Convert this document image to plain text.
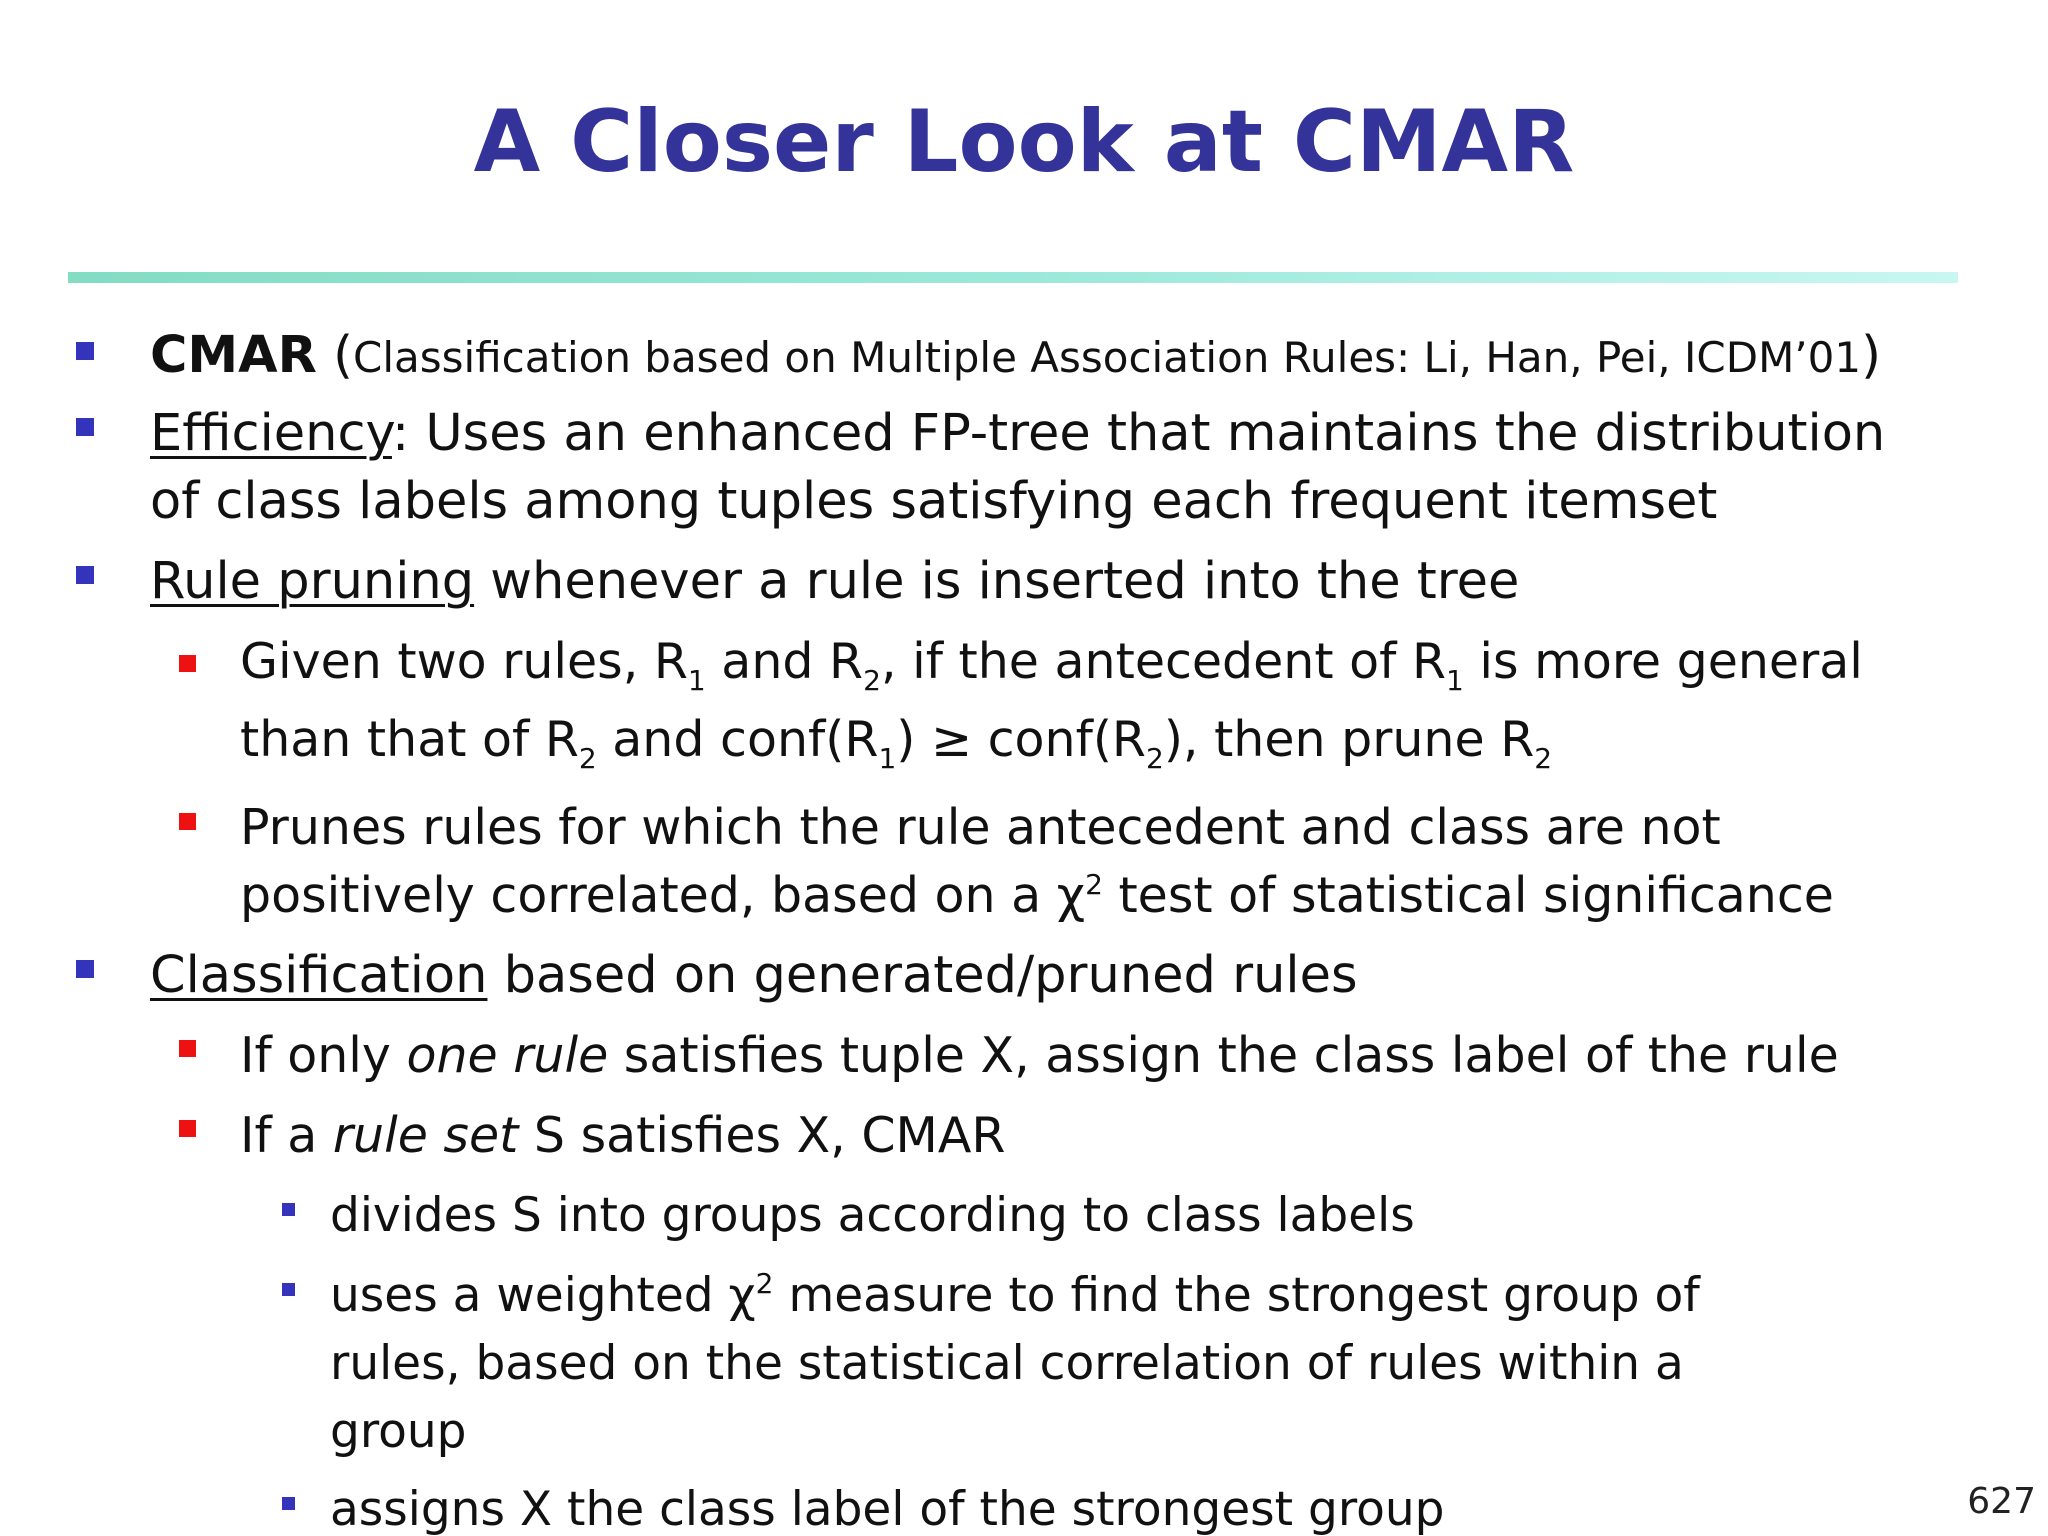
A Closer Look at CMAR
CMAR (Classification based on Multiple Association Rules: Li, Han, Pei, ICDM’01)
Efficiency: Uses an enhanced FP-tree that maintains the distribution
of class labels among tuples satisfying each frequent itemset
Rule pruning whenever a rule is inserted into the tree
Given two rules, $R_1$ and $R_2$, if the antecedent of $R_1$ is more general
than that of $R_2$ and $conf(R_1)$ ≥ $conf(R_2)$, then prune $R_2$
Prunes rules for which the rule antecedent and class are not
positively correlated, based on a $\chi^2$ test of statistical significance
Classification based on generated/pruned rules
If only one rule satisfies tuple X, assign the class label of the rule
If a rule set S satisfies X, CMAR
divides S into groups according to class labels
uses a weighted $\chi^2$ measure to find the strongest group of
rules, based on the statistical correlation of rules within a
group
assigns X the class label of the strongest group	627
